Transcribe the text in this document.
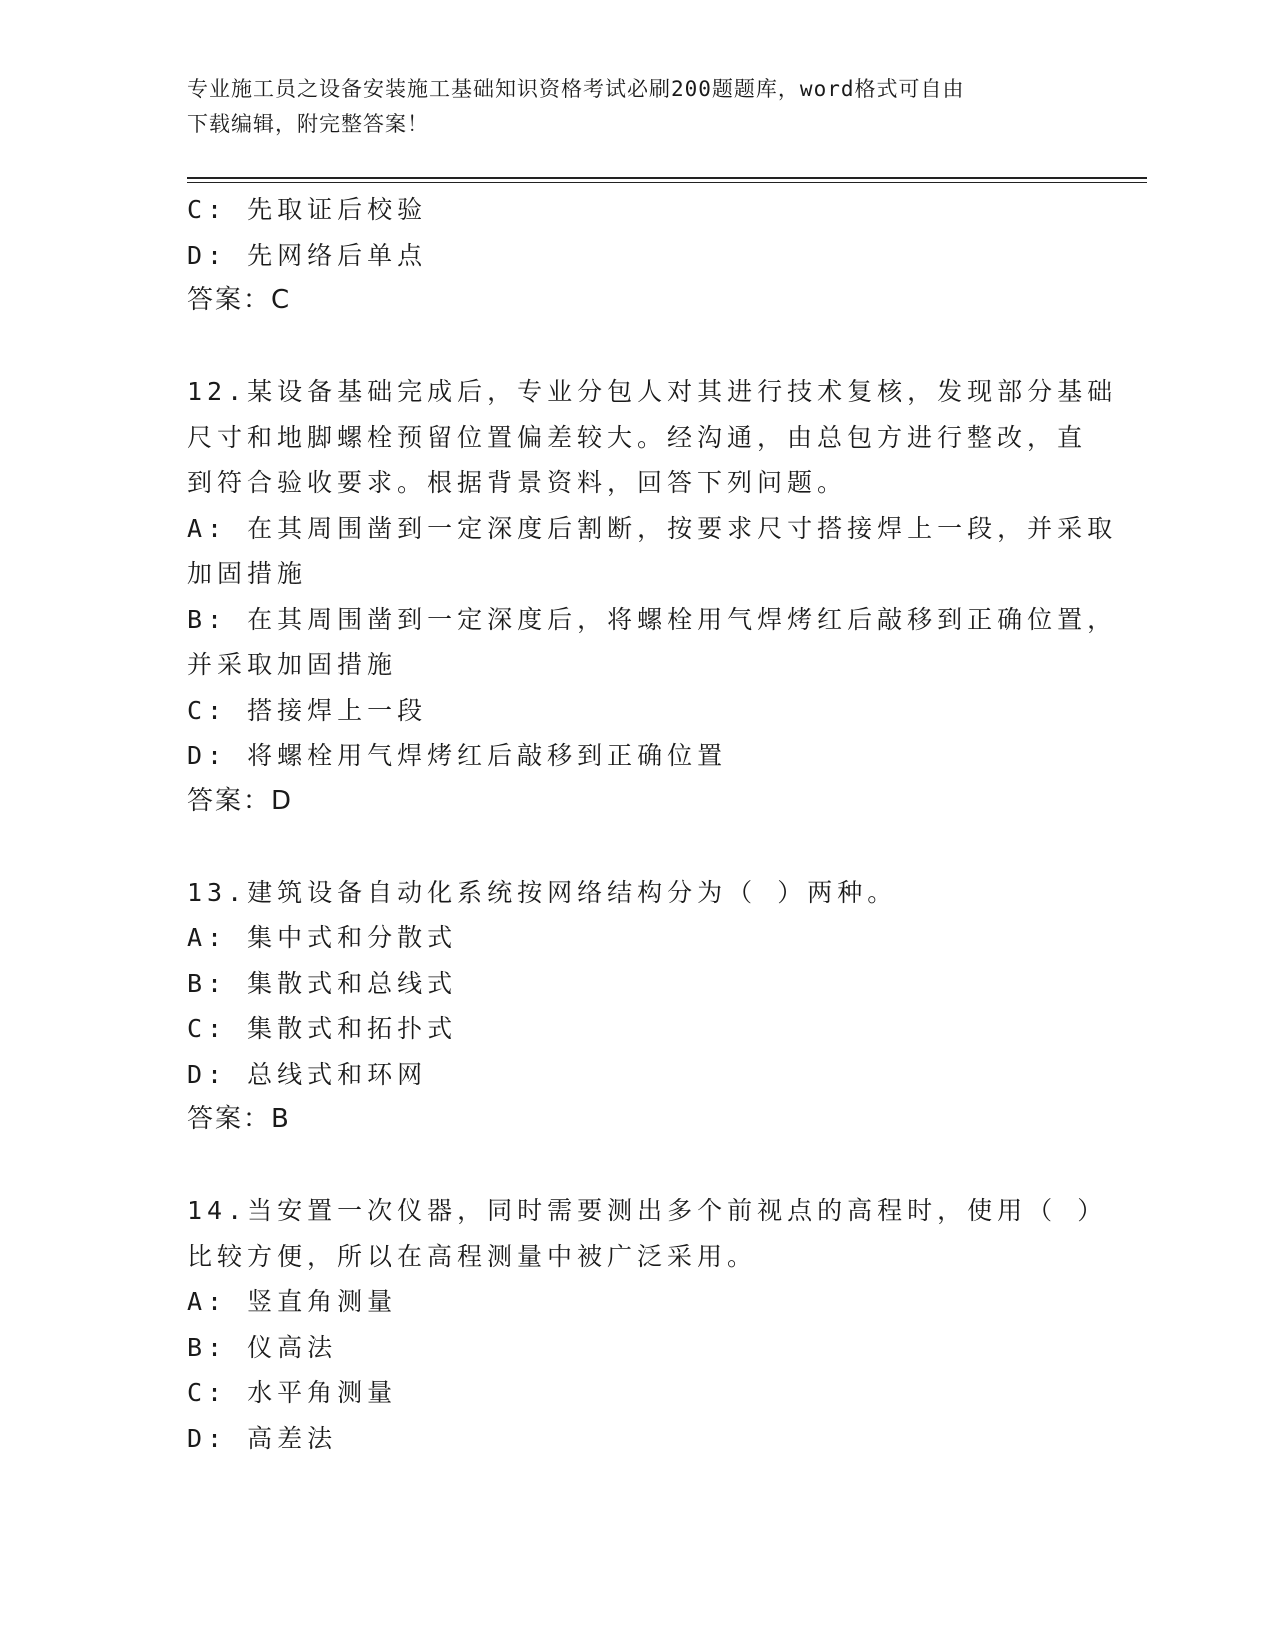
专业施工员之设备安装施工基础知识资格考试必刷200题题库，word格式可自由
下载编辑，附完整答案！
C: 先取证后校验
D: 先网络后单点
答案：C
12.某设备基础完成后，专业分包人对其进行技术复核，发现部分基础
尺寸和地脚螺栓预留位置偏差较大。经沟通，由总包方进行整改，直
到符合验收要求。根据背景资料，回答下列问题。
A: 在其周围凿到一定深度后割断，按要求尺寸搭接焊上一段，并采取
加固措施
B: 在其周围凿到一定深度后，将螺栓用气焊烤红后敲移到正确位置，
并采取加固措施
C: 搭接焊上一段
D: 将螺栓用气焊烤红后敲移到正确位置
答案：D
13.建筑设备自动化系统按网络结构分为（ ）两种。
A: 集中式和分散式
B: 集散式和总线式
C: 集散式和拓扑式
D: 总线式和环网
答案：B
14.当安置一次仪器，同时需要测出多个前视点的高程时，使用（ ）
比较方便，所以在高程测量中被广泛采用。
A: 竖直角测量
B: 仪高法
C: 水平角测量
D: 高差法
